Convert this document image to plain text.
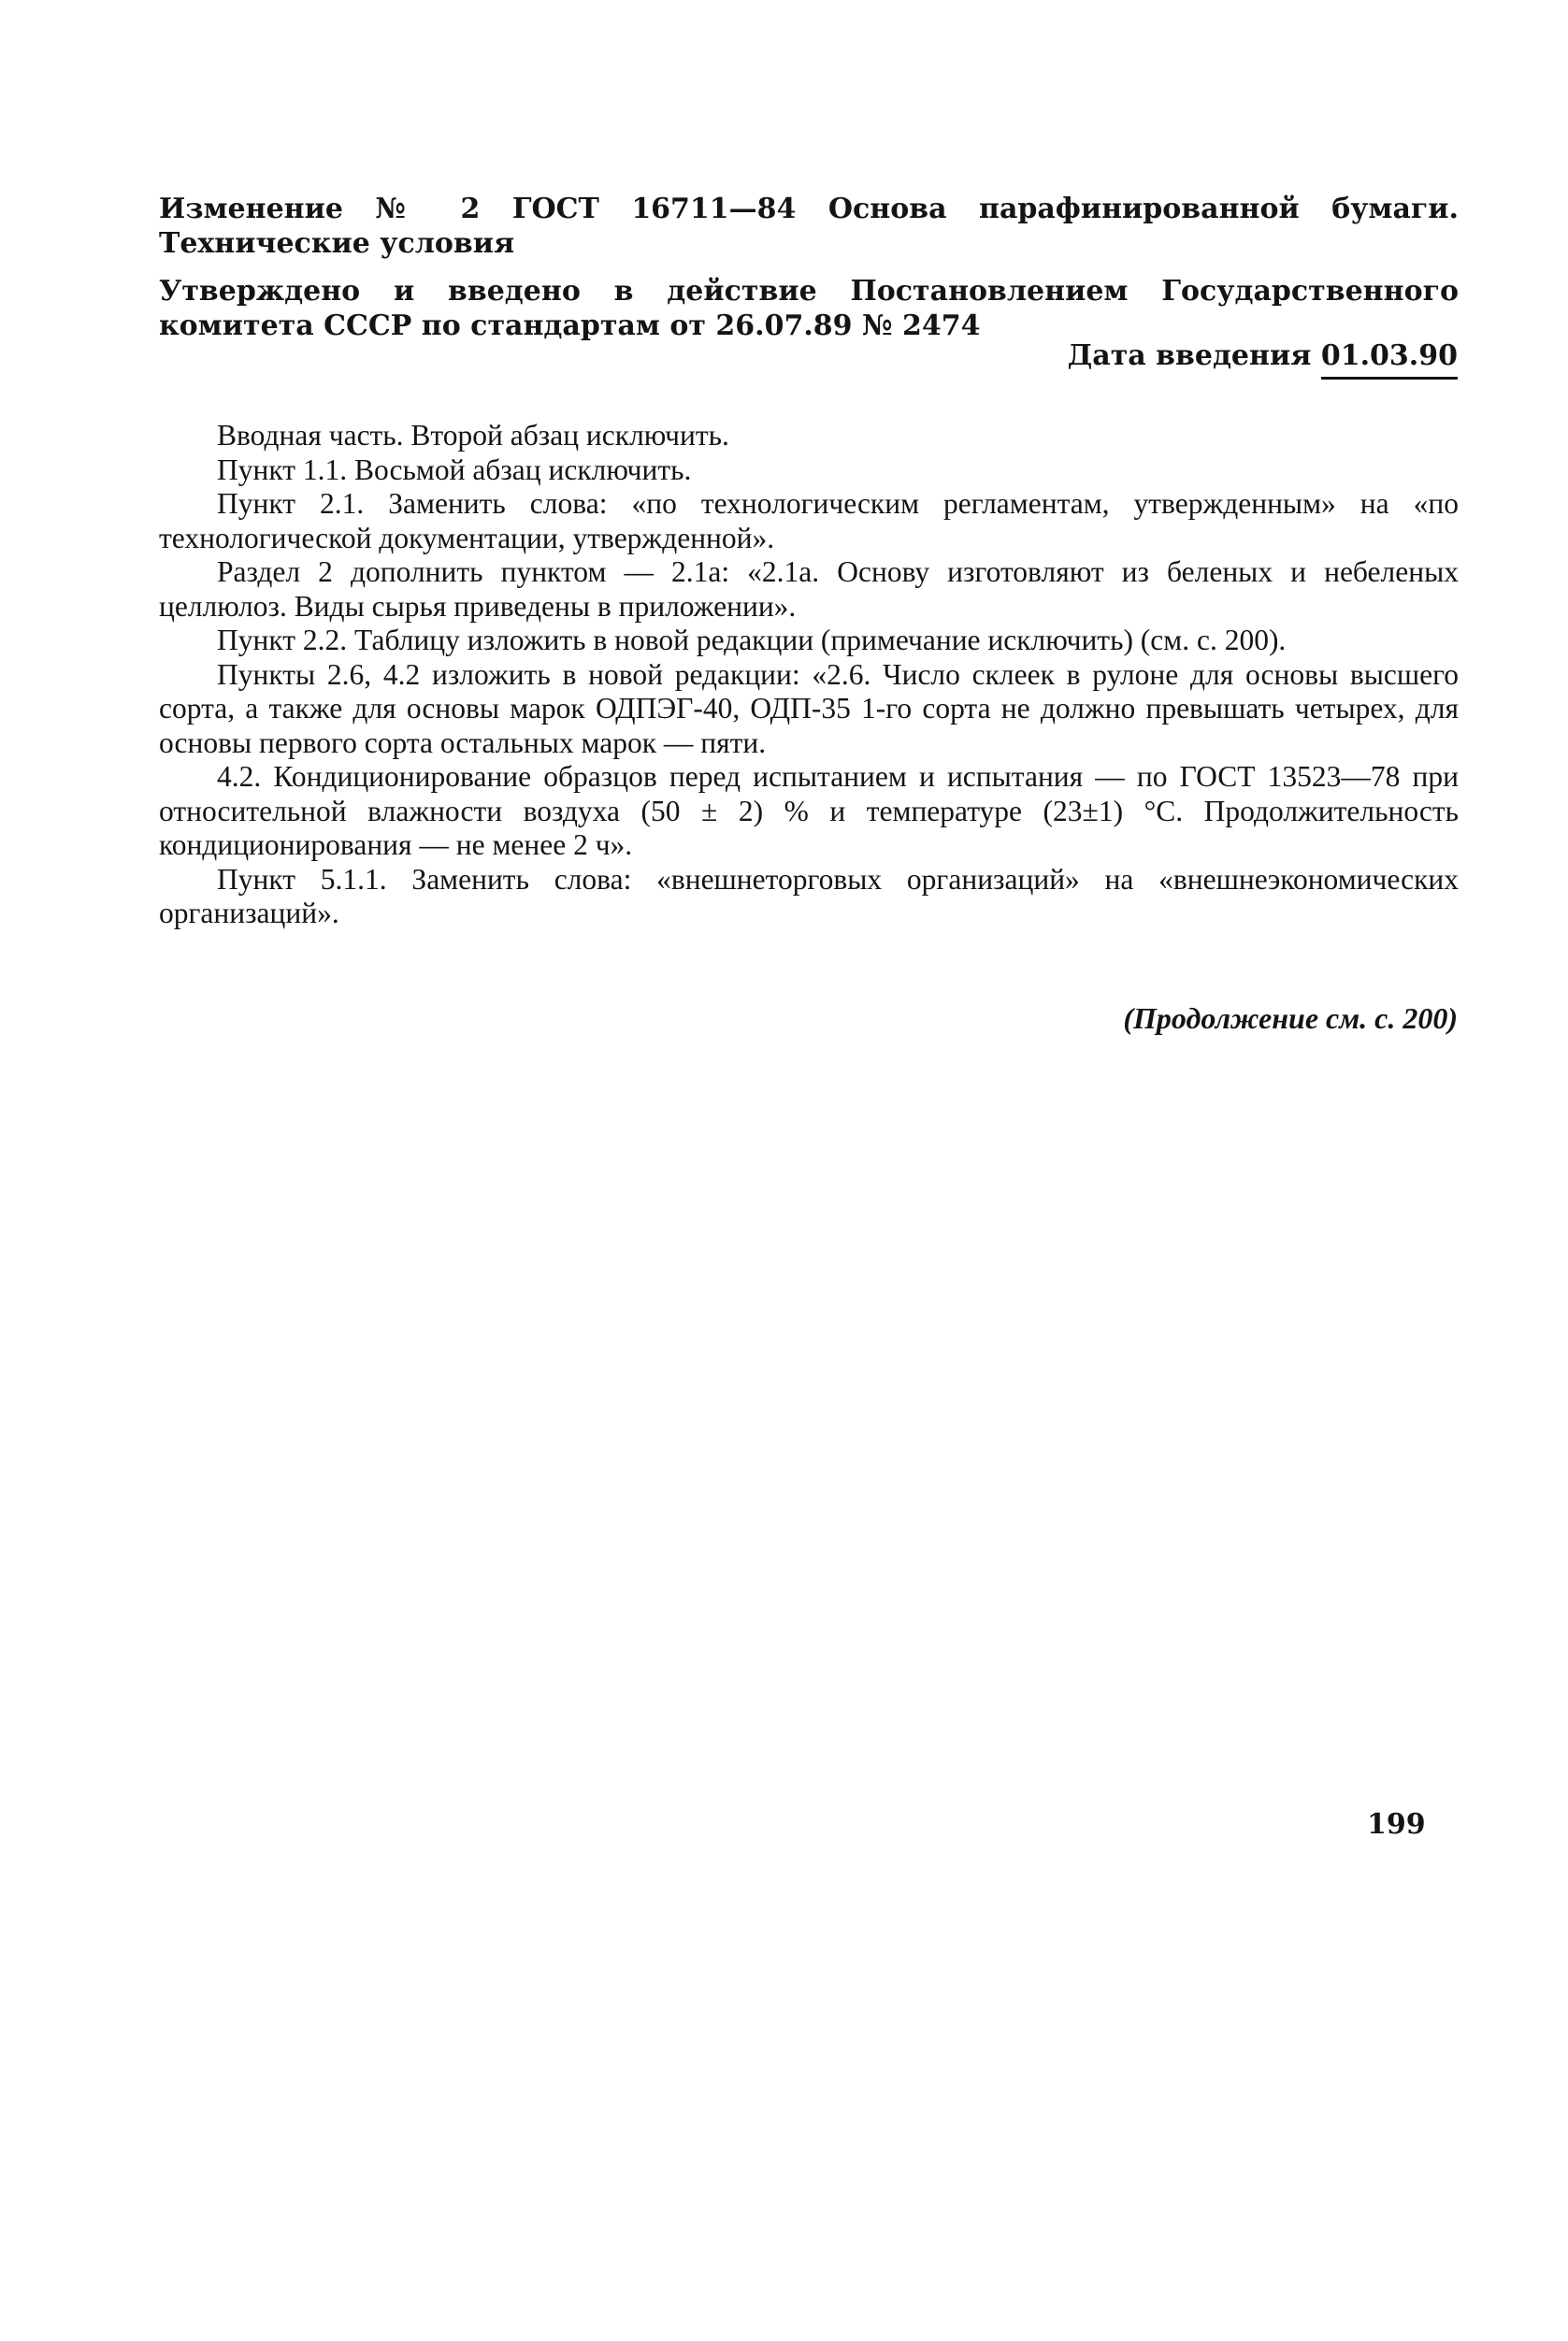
Изменение № 2 ГОСТ 16711—84 Основа парафинированной бумаги. Технические условия

Утверждено и введено в действие Постановлением Государственного комитета СССР по стандартам от 26.07.89 № 2474

Дата введения 01.03.90

Вводная часть. Второй абзац исключить.

Пункт 1.1. Восьмой абзац исключить.

Пункт 2.1. Заменить слова: «по технологическим регламентам, утвержденным» на «по технологической документации, утвержденной».

Раздел 2 дополнить пунктом — 2.1а: «2.1а. Основу изготовляют из беленых и небеленых целлюлоз. Виды сырья приведены в приложении».

Пункт 2.2. Таблицу изложить в новой редакции (примечание исключить) (см. с. 200).

Пункты 2.6, 4.2 изложить в новой редакции: «2.6. Число склеек в рулоне для основы высшего сорта, а также для основы марок ОДПЭГ-40, ОДП-35 1-го сорта не должно превышать четырех, для основы первого сорта остальных марок — пяти.

4.2. Кондиционирование образцов перед испытанием и испытания — по ГОСТ 13523—78 при относительной влажности воздуха (50 ± 2) % и температуре (23±1) °С. Продолжительность кондиционирования — не менее 2 ч».

Пункт 5.1.1. Заменить слова: «внешнеторговых организаций» на «внешнеэкономических организаций».

(Продолжение см. с. 200)
199
